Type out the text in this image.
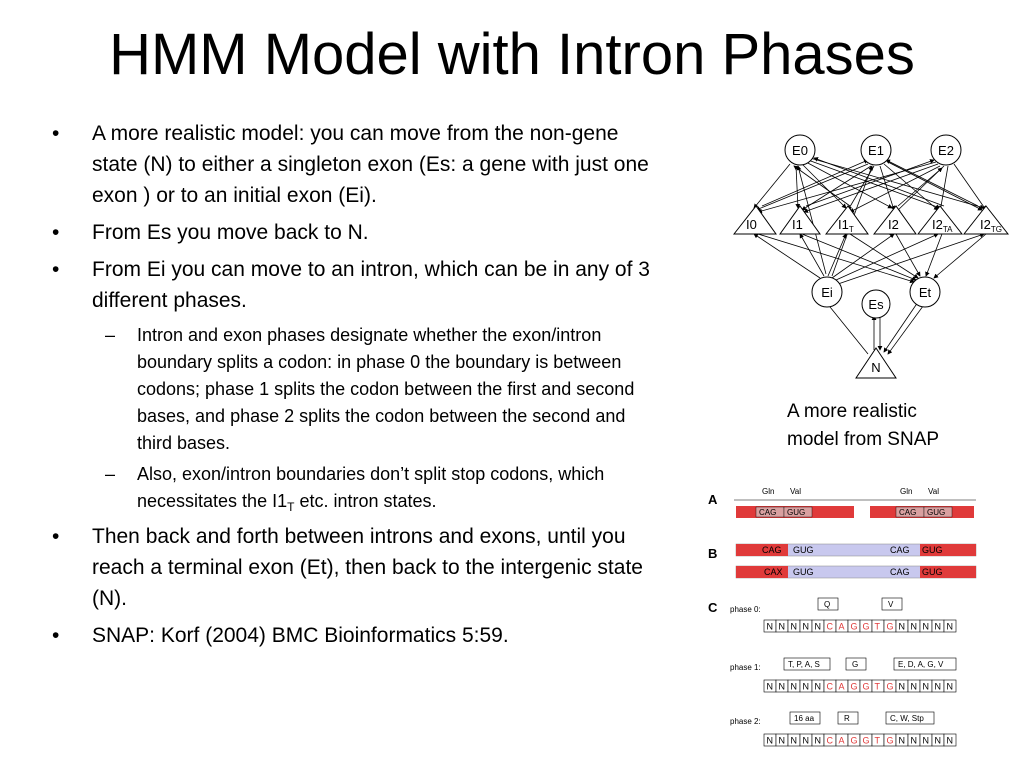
HMM Model with Intron Phases
• A more realistic model: you can move from the non-gene state (N) to either a singleton exon (Es: a gene with just one exon ) or to an initial exon (Ei).
• From Es you move back to N.
• From Ei you can move to an intron, which can be in any of 3 different phases.
– Intron and exon phases designate whether the exon/intron boundary splits a codon: in phase 0 the boundary is between codons; phase 1 splits the codon between the first and second bases, and phase 2 splits the codon between the second and third bases.
– Also, exon/intron boundaries don’t split stop codons, which necessitates the $I1_T$ etc. intron states.
• Then back and forth between introns and exons, until you reach a terminal exon (Et), then back to the intergenic state (N).
• SNAP: Korf (2004) BMC Bioinformatics 5:59.
E0	E1	E2
I0	I1	$I1_T$	I2	$I2_{TA}$ $I2_{TG}$
Ei
Es
Et
N
A more realistic
model from SNAP
A
B
C
Gln Val	Gln Val
CAG GUG	CAG GUG
CAG GUG	CAG GUG
CAX GUG	CAG GUG
phase 0:
Q	V
phase 1:	T, P, A, S	G	E, D, A, G, V
phase 2:	16 aa	R	C, W, Stp
N N N N N C A G G T G N N N N N
N N N N N C A G G T G N N N N N
N N N N N C A G G T G N N N N N
